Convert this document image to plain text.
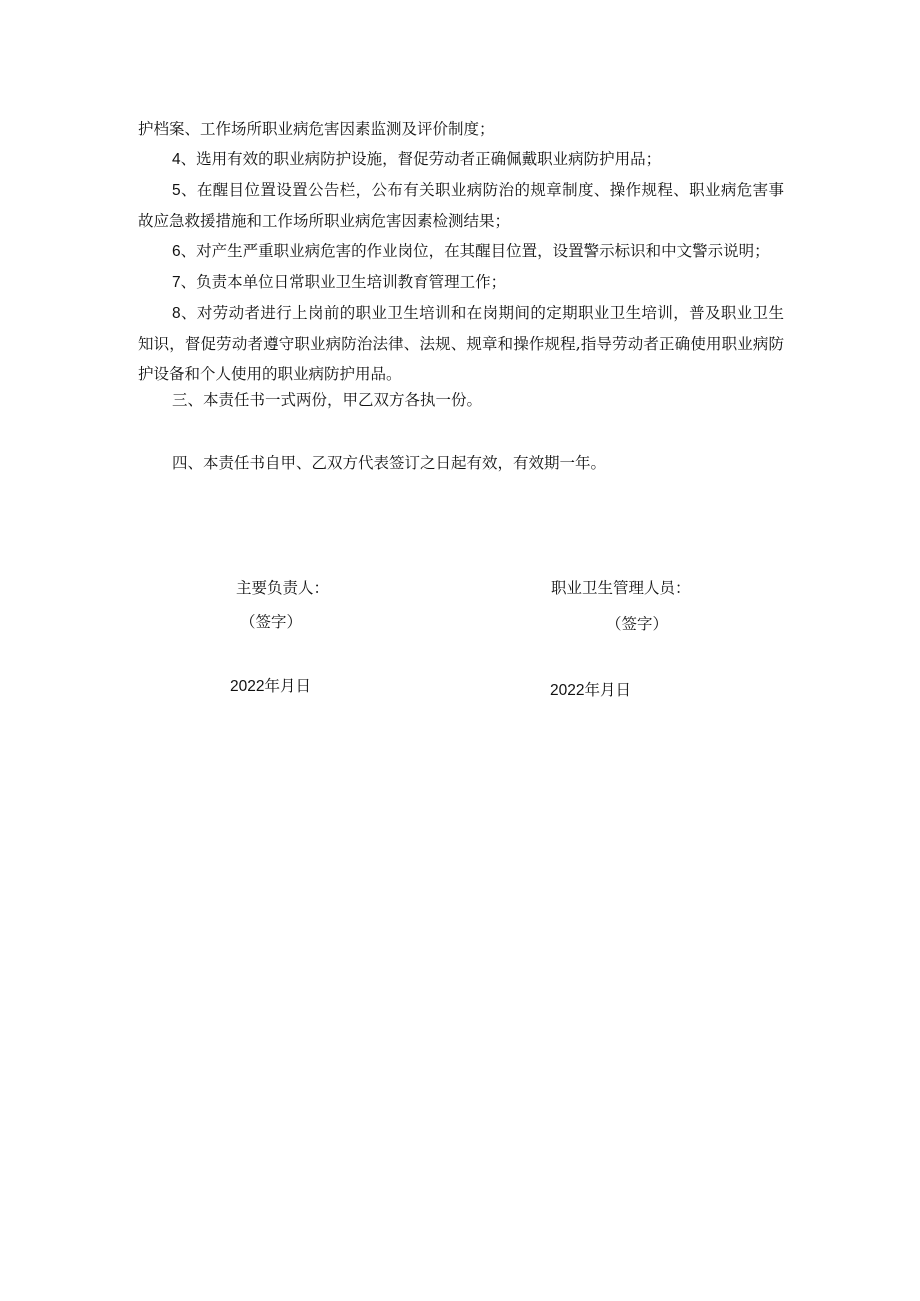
护档案、工作场所职业病危害因素监测及评价制度；

4、选用有效的职业病防护设施，督促劳动者正确佩戴职业病防护用品；

5、在醒目位置设置公告栏，公布有关职业病防治的规章制度、操作规程、职业病危害事故应急救援措施和工作场所职业病危害因素检测结果；

6、对产生严重职业病危害的作业岗位，在其醒目位置，设置警示标识和中文警示说明；

7、负责本单位日常职业卫生培训教育管理工作；

8、对劳动者进行上岗前的职业卫生培训和在岗期间的定期职业卫生培训，普及职业卫生知识，督促劳动者遵守职业病防治法律、法规、规章和操作规程,指导劳动者正确使用职业病防护设备和个人使用的职业病防护用品。

三、本责任书一式两份，甲乙双方各执一份。
四、本责任书自甲、乙双方代表签订之日起有效，有效期一年。
主要负责人：
（签字）
2022年月日
职业卫生管理人员：
（签字）
2022年月日
